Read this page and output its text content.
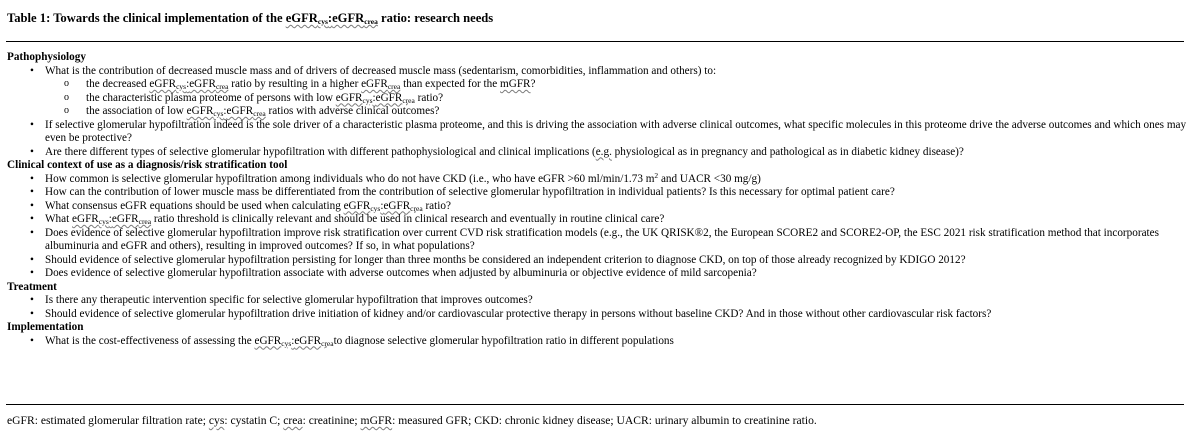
Table 1: Towards the clinical implementation of the eGFR$_{cys}$:eGFR$_{crea}$ ratio: research needs
Pathophysiology
• What is the contribution of decreased muscle mass and of drivers of decreased muscle mass (sedentarism, comorbidities, inflammation and others) to:
o the decreased eGFR$_{cys}$:eGFR$_{crea}$ ratio by resulting in a higher eGFR$_{crea}$ than expected for the mGFR?
o the characteristic plasma proteome of persons with low eGFR$_{cys}$:eGFR$_{crea}$ ratio?
o the association of low eGFR$_{cys}$:eGFR$_{crea}$ ratios with adverse clinical outcomes?
• If selective glomerular hypofiltration indeed is the sole driver of a characteristic plasma proteome, and this is driving the association with adverse clinical outcomes, what specific molecules in this proteome drive the adverse outcomes and which ones may even be protective?
• Are there different types of selective glomerular hypofiltration with different pathophysiological and clinical implications (e.g. physiological as in pregnancy and pathological as in diabetic kidney disease)?
Clinical context of use as a diagnosis/risk stratification tool
• How common is selective glomerular hypofiltration among individuals who do not have CKD (i.e., who have eGFR >60 ml/min/1.73 $m^2$ and UACR <30 mg/g)
• How can the contribution of lower muscle mass be differentiated from the contribution of selective glomerular hypofiltration in individual patients? Is this necessary for optimal patient care?
• What consensus eGFR equations should be used when calculating eGFR$_{cys}$:eGFR$_{crea}$ ratio?
• What eGFR$_{cys}$:eGFR$_{crea}$ ratio threshold is clinically relevant and should be used in clinical research and eventually in routine clinical care?
• Does evidence of selective glomerular hypofiltration improve risk stratification over current CVD risk stratification models (e.g., the UK QRISK®2, the European SCORE2 and SCORE2-OP, the ESC 2021 risk stratification method that incorporates albuminuria and eGFR and others), resulting in improved outcomes? If so, in what populations?
• Should evidence of selective glomerular hypofiltration persisting for longer than three months be considered an independent criterion to diagnose CKD, on top of those already recognized by KDIGO 2012?
• Does evidence of selective glomerular hypofiltration associate with adverse outcomes when adjusted by albuminuria or objective evidence of mild sarcopenia?
Treatment
• Is there any therapeutic intervention specific for selective glomerular hypofiltration that improves outcomes?
• Should evidence of selective glomerular hypofiltration drive initiation of kidney and/or cardiovascular protective therapy in persons without baseline CKD? And in those without other cardiovascular risk factors?
Implementation
• What is the cost-effectiveness of assessing the eGFR$_{cys}$:eGFR$_{crea}$to diagnose selective glomerular hypofiltration ratio in different populations
eGFR: estimated glomerular filtration rate; cys: cystatin C; crea: creatinine; mGFR: measured GFR; CKD: chronic kidney disease; UACR: urinary albumin to creatinine ratio.
